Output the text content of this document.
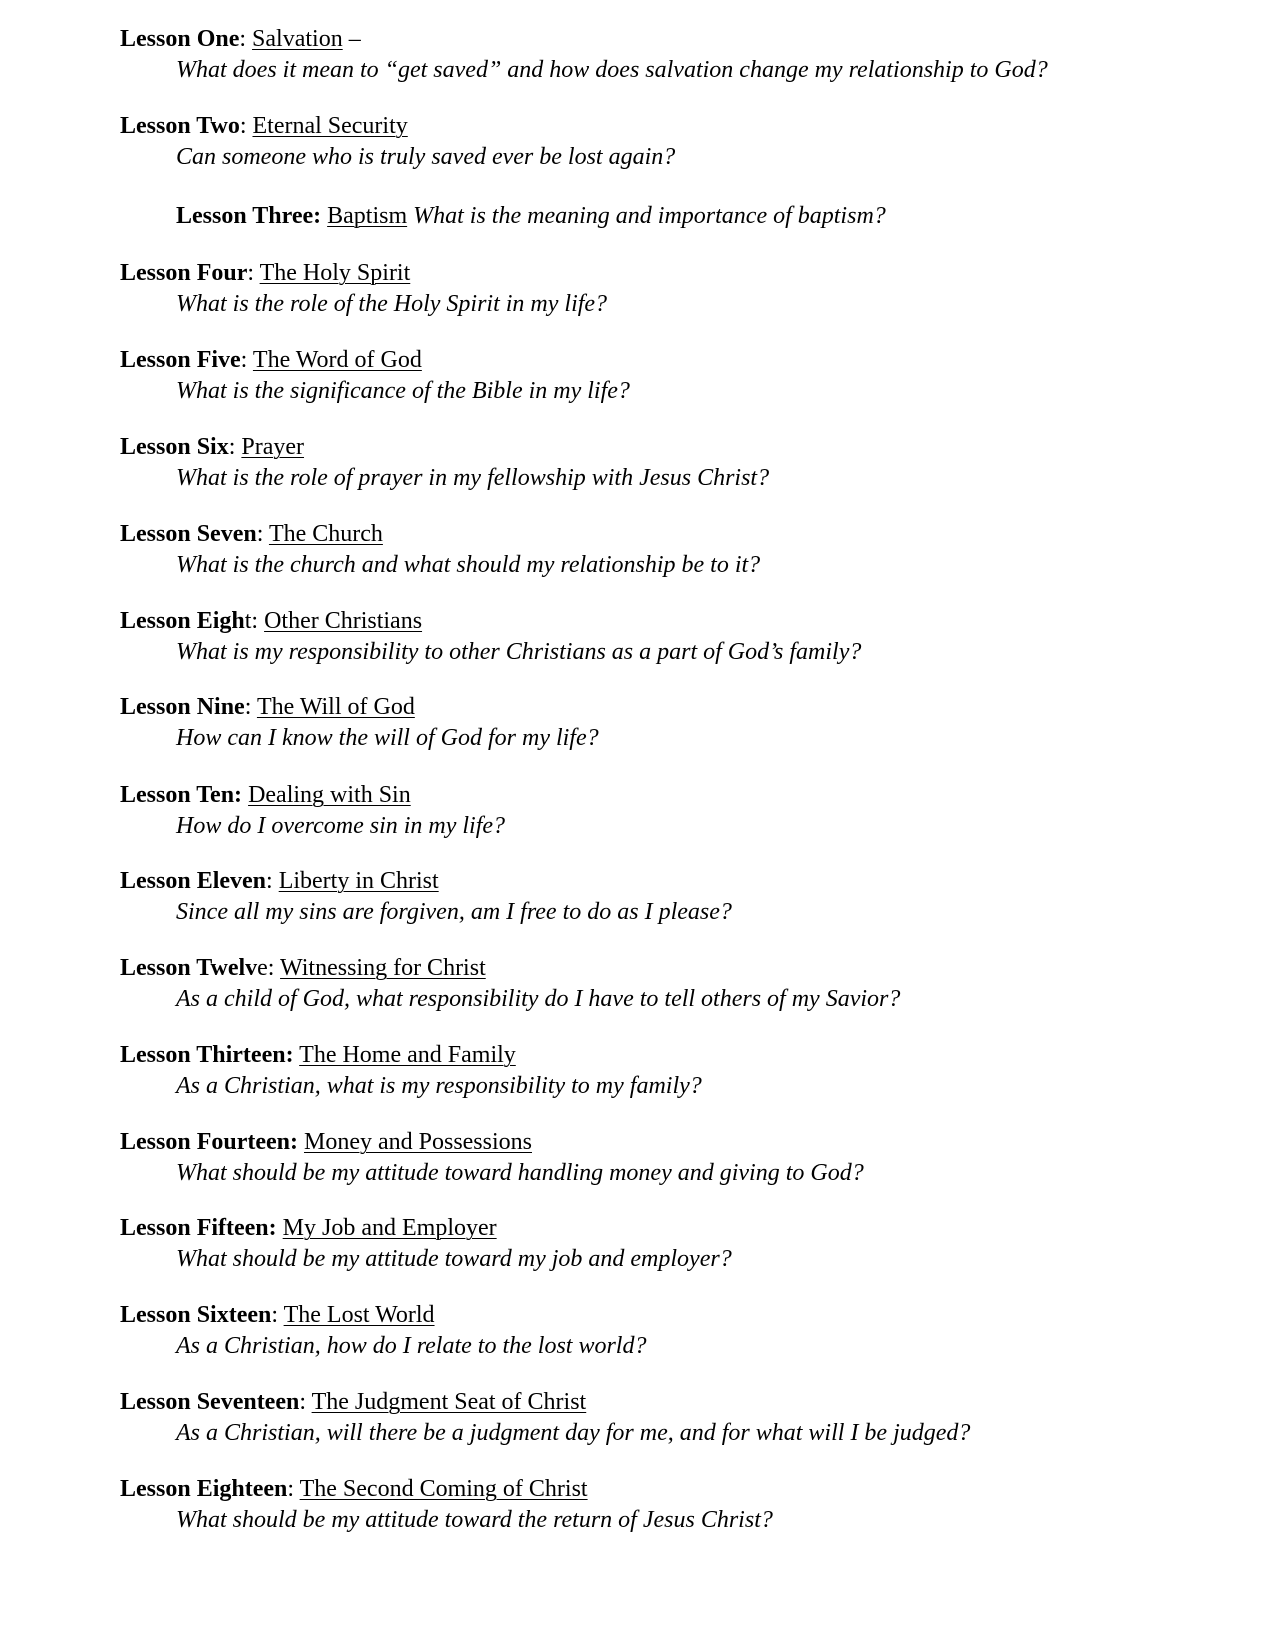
Lesson One: Salvation –
What does it mean to “get saved” and how does salvation change my relationship to God?
Lesson Two: Eternal Security
Can someone who is truly saved ever be lost again?
Lesson Three: Baptism What is the meaning and importance of baptism?
Lesson Four: The Holy Spirit
What is the role of the Holy Spirit in my life?
Lesson Five: The Word of God
What is the significance of the Bible in my life?
Lesson Six: Prayer
What is the role of prayer in my fellowship with Jesus Christ?
Lesson Seven: The Church
What is the church and what should my relationship be to it?
Lesson Eight: Other Christians
What is my responsibility to other Christians as a part of God’s family?
Lesson Nine: The Will of God
How can I know the will of God for my life?
Lesson Ten: Dealing with Sin
How do I overcome sin in my life?
Lesson Eleven: Liberty in Christ
Since all my sins are forgiven, am I free to do as I please?
Lesson Twelve: Witnessing for Christ
As a child of God, what responsibility do I have to tell others of my Savior?
Lesson Thirteen: The Home and Family
As a Christian, what is my responsibility to my family?
Lesson Fourteen: Money and Possessions
What should be my attitude toward handling money and giving to God?
Lesson Fifteen: My Job and Employer
What should be my attitude toward my job and employer?
Lesson Sixteen: The Lost World
As a Christian, how do I relate to the lost world?
Lesson Seventeen: The Judgment Seat of Christ
As a Christian, will there be a judgment day for me, and for what will I be judged?
Lesson Eighteen: The Second Coming of Christ
What should be my attitude toward the return of Jesus Christ?
